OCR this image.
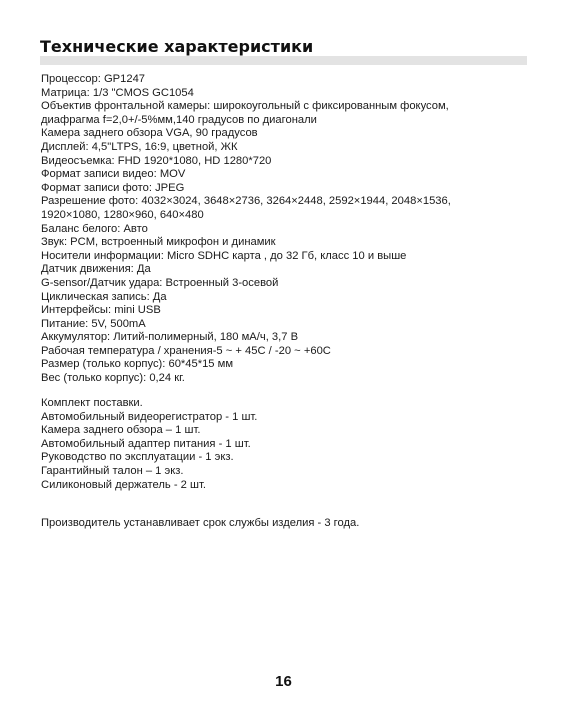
Технические характеристики
Процессор: GP1247
Матрица: 1/3 "CMOS GC1054
Объектив фронтальной камеры: широкоугольный с фиксированным фокусом,
диафрагма f=2,0+/-5%мм,140 градусов по диагонали
Камера заднего обзора VGA, 90 градусов
Дисплей: 4,5"LTPS, 16:9, цветной, ЖК
Видеосъемка: FHD 1920*1080, HD 1280*720
Формат записи видео: MOV
Формат записи фото: JPEG
Разрешение фото: 4032×3024, 3648×2736, 3264×2448, 2592×1944, 2048×1536,
1920×1080, 1280×960, 640×480
Баланс белого: Авто
Звук: PCM, встроенный микрофон и динамик
Носители информации: Micro SDHC карта , до 32 Гб, класс 10 и выше
Датчик движения: Да
G-sensor/Датчик удара: Встроенный 3-осевой
Циклическая запись: Да
Интерфейсы: mini USB
Питание: 5V, 500mA
Аккумулятор: Литий-полимерный, 180 мА/ч, 3,7 В
Рабочая температура / хранения-5 ~ + 45С / -20 ~ +60С
Размер (только корпус): 60*45*15 мм
Вес (только корпус): 0,24 кг.
Комплект поставки.
Автомобильный видеорегистратор - 1 шт.
Камера заднего обзора – 1 шт.
Автомобильный адаптер питания - 1 шт.
Руководство по эксплуатации - 1 экз.
Гарантийный талон – 1 экз.
Силиконовый держатель - 2 шт.

Производитель устанавливает срок службы изделия - 3 года.

16
